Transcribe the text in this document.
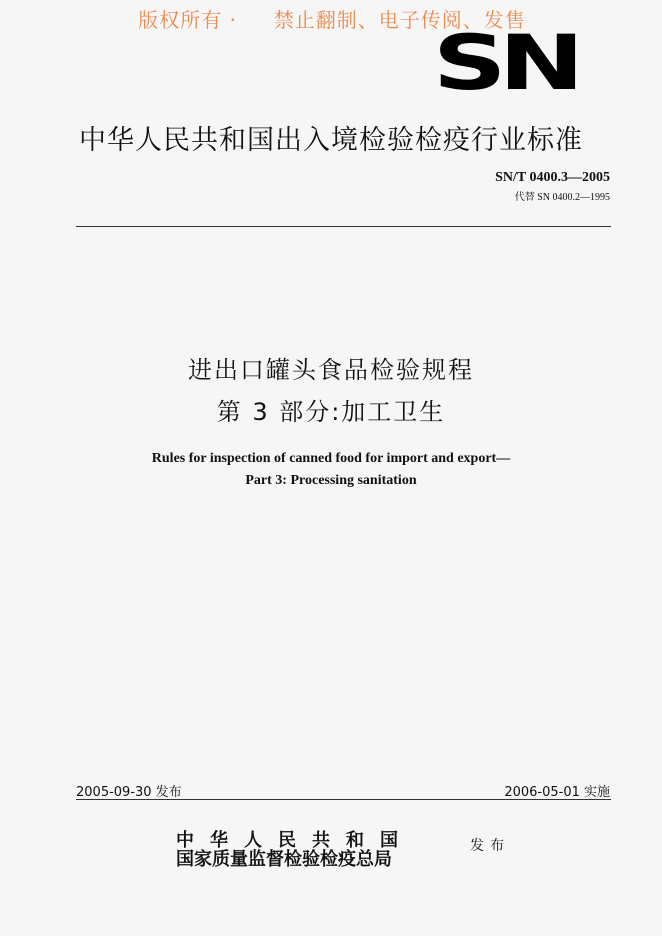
版权所有 · 禁止翻制、电子传阅、发售
SN
中华人民共和国出入境检验检疫行业标准
SN/T 0400.3—2005
代替 SN 0400.2—1995
进出口罐头食品检验规程
第 3 部分:加工卫生
Rules for inspection of canned food for import and export—
Part 3: Processing sanitation
2005-09-30 发布	2006-05-01 实施
中华人民共和国
国家质量监督检验检疫总局
发布
